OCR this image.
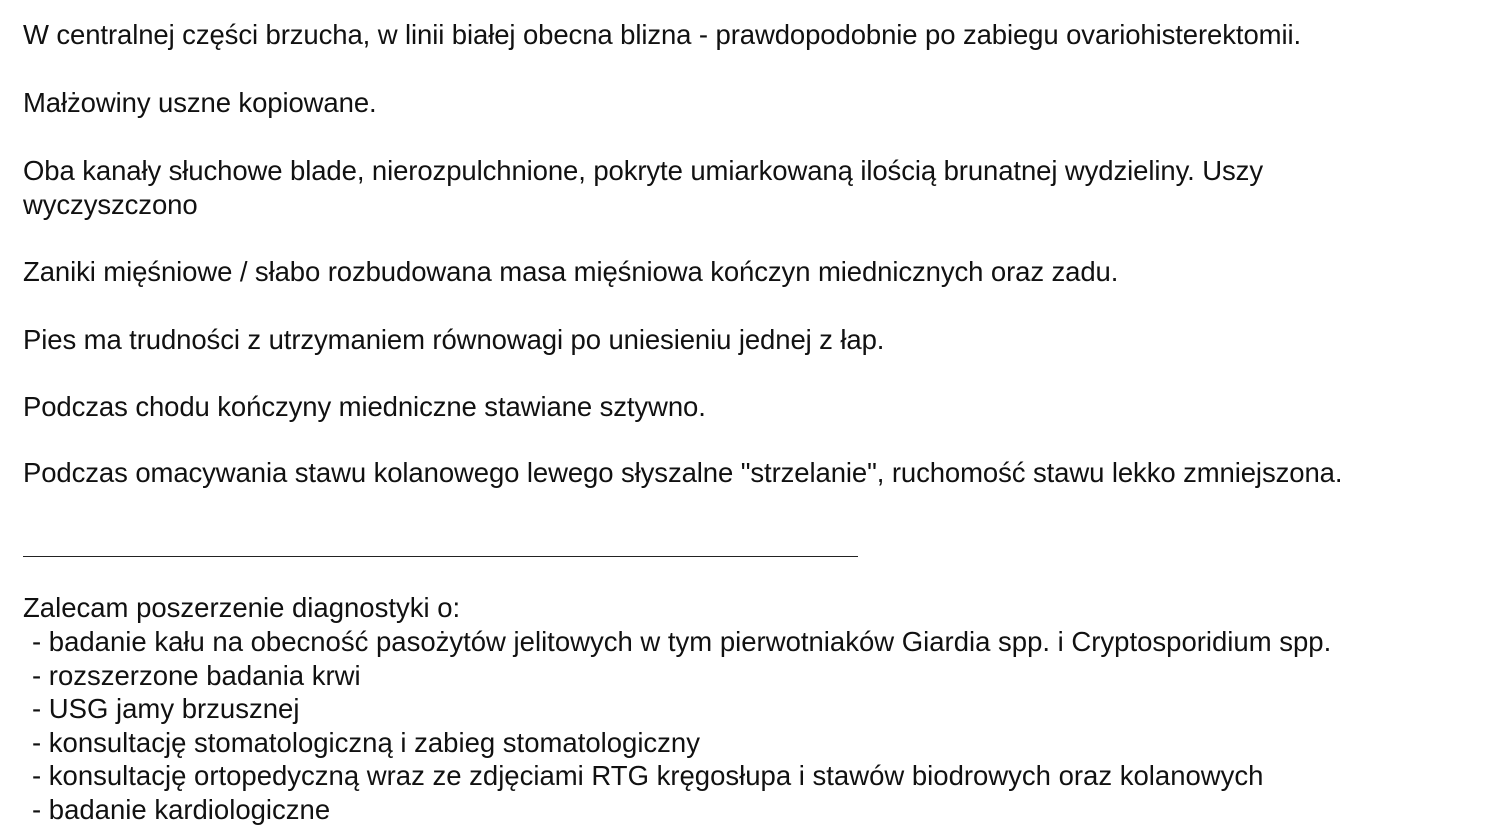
W centralnej części brzucha, w linii białej obecna blizna - prawdopodobnie po zabiegu ovariohisterektomii.
Małżowiny uszne kopiowane.
Oba kanały słuchowe blade, nierozpulchnione, pokryte umiarkowaną ilością brunatnej wydzieliny. Uszy wyczyszczono
Zaniki mięśniowe / słabo rozbudowana masa mięśniowa kończyn miednicznych oraz zadu.
Pies ma trudności z utrzymaniem równowagi po uniesieniu jednej z łap.
Podczas chodu kończyny miedniczne stawiane sztywno.
Podczas omacywania stawu kolanowego lewego słyszalne "strzelanie", ruchomość stawu lekko zmniejszona.
Zalecam poszerzenie diagnostyki o:
- badanie kału na obecność pasożytów jelitowych w tym pierwotniaków Giardia spp. i Cryptosporidium spp.
- rozszerzone badania krwi
- USG jamy brzusznej
- konsultację stomatologiczną i zabieg stomatologiczny
- konsultację ortopedyczną wraz ze zdjęciami RTG kręgosłupa i stawów biodrowych oraz kolanowych
- badanie kardiologiczne
